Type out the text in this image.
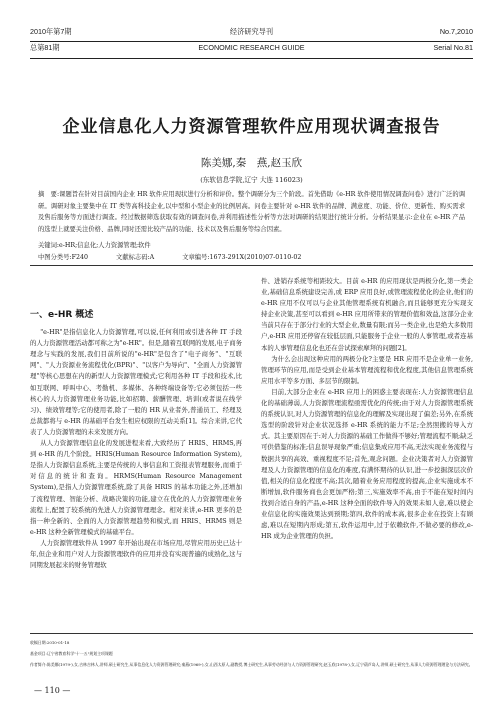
2010年第7期	经济研究导刊	No.7,2010
总第81期	ECONOMIC RESEARCH GUIDE	Serial No.81
企业信息化人力资源管理软件应用现状调查报告
陈美娜,秦　燕,赵玉欣
(东软信息学院,辽宁 大连 116023)
摘　要:课题旨在针对目前国内企业 HR 软件应用现状进行分析和评价。整个调研分为三个阶段。首先借助《e-HR 软件使用情况调查问卷》进行广泛的调研。调研对象主要集中在 IT 类等高科技企业,以中型和小型企业的比例居高。问卷主要针对 e-HR 软件的品牌、满意度、功能、价位、更新性、购买需求及售后服务等方面进行调查。经过数据筛选获取有效的调查问卷,并利用描述性分析等方法对调研的结果进行统计分析。分析结果显示:企业在 e-HR 产品的选型上就要关注价格、品牌,同时还需比较产品的功能、技术以及售后服务等综合因素。
关键词:e-HR;信息化;人力资源管理;软件
中图分类号:F240	文献标志码:A	文章编号:1673-291X(2010)07-0110-02
一、e-HR 概述

"e-HR"是指信息化人力资源管理,可以说,任何利用或引进各种 IT 手段的人力资源管理活动都可称之为"e-HR"。但是,随着互联网的发展,电子商务理念与实践的发展,我们目前所说的"e-HR"是包含了"电子商务"、"互联网"、"人力资源业务流程优化(BPR)"、"以客户为导向"、"全面人力资源管理"等核心思想在内的新型人力资源管理模式;它利用各种 IT 手段和技术,比如互联网、呼叫中心、考勤机、多媒体、各种终端设备等;它必须包括一些核心的人力资源管理业务功能,比如招聘、薪酬管理、培训(或者说在线学习)、绩效管理等;它的使用者,除了一般的 HR 从业者外,普通员工、经理及总裁都将与 e-HR 的基础平台发生相应权限的互动关系[1]。综合来讲,它代表了人力资源管理的未来发展方向。

从人力资源管理信息化的发展进程来看,大致经历了 HRIS、HRMS,再到 e-HR 的几个阶段。HRIS(Human Resource Information System),是指人力资源信息系统,主要是传统的人事信息和工资报表管理服务,而重于对信息的统计和查询。HRMS(Human Resource Management System),是指人力资源管理系统,除了具备 HRIS 的基本功能之外,还增加了流程管理、智能分析、战略决策的功能,建立在优化的人力资源管理业务流程上,配置了较系统的先进人力资源管理理念。相对来讲,e-HR 更多的是指一种全新的、全面的人力资源管理趋势和模式,而 HRIS、HRMS 则是 e-HR 这种全新管理模式的基础平台。

人力资源管理软件从 1997 年开始出现在市场应用,尽管应用历史已达十年,但企业和用户对人力资源管理软件的应用并没有实现普遍的成熟化,这与同期发展起来的财务管理软

件、进销存系统等相距较大。目前 e-HR 的应用现状是两极分化,第一类企业,基础信息系统建设完善,或 ERP 应用良好,或管理流程优化的企业,他们的 e-HR 应用不仅可以与企业其他管理系统有机融合,而且能够更充分实现支持企业决策,甚至可以看到 e-HR 应用所带来的管理价值和效益,这部分企业当前只存在于部分行业的大型企业,数量有限;而另一类企业,也是绝大多数用户,e-HR 应用还停留在较低层面,只能服务于企业一般的人事管理,或者连基本的人事管理信息化也还在尝试探索摩拜的问题[2]。

为什么会出现这种应用的两极分化?主要是 HR 应用不是企业单一业务,管理环节的应用,而是受到企业基本管理流程和优化程度,其他信息管理系统应用水平等多方面、多层节的限制。

目前,大部分企业在 e-HR 应用上的困惑主要表现在:人力资源管理信息化的基础薄弱,人力资源管理流程亟需优化的传统;由于对人力资源管理系统的系统认识,对人力资源管理的信息化的理解及实现出现了偏差;另外,在系统选型的阶段针对企业状况选择 e-HR 系统的能力不足;全然照搬的导入方式。其主要原因在于:对人力资源的基础工作做得不够好;管理流程不顺;缺乏可供借鉴的标准;信息误导现象严重;信息集成应用不高,无法实现业务流程与数据共享的高效、重视程度不足;首先,观念问题。企业决策者对人力资源管理及人力资源管理的信息化的难度,有满怀期待的认识,进一步挖掘深层次价值,相关的信息化程度不高;其次,随着业务应用程度的提高,企业实施成本不断增加,软件服务商也会更加严格;第三,实施效率不高,由于不能在短时间内找到合适自身的产品,e-HR 这种全面的软件导入的效果未如人意,难以使企业信息化的实施效果达到预期;第四,软件的成本高,很多企业在投资上有顾虑,难以在短期内形成;第五,软件运用中,过于依赖软件,不做必要的修改,e-HR 成为企业管理的负担。

收稿日期:2010-01-18
基金项目:辽宁省教育科学"十一五"规划主项课题
作者简介:陈美娜(1979-),女,吉林吉林人,讲师,硕士研究生,从事信息化人力资源管理研究;秦燕(1969-),女,山西太原人,副教授,博士研究生,从事劳动经济与人力资源管理研究;赵玉欣(1978-),女,辽宁葫芦岛人,讲师,硕士研究生,从事人力资源管理理论与方法研究。
— 110 —
